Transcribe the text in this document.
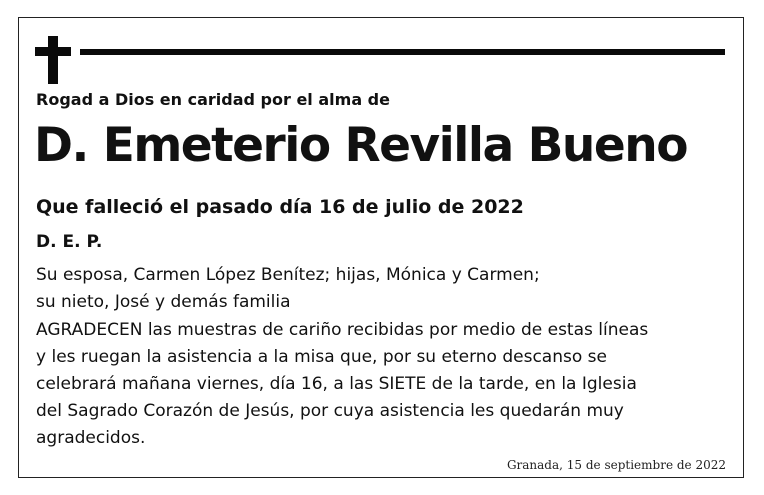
Rogad a Dios en caridad por el alma de
D. Emeterio Revilla Bueno
Que falleció el pasado día 16 de julio de 2022
D. E. P.
Su esposa, Carmen López Benítez; hijas, Mónica y Carmen;
su nieto, José y demás familia
AGRADECEN las muestras de cariño recibidas por medio de estas líneas
y les ruegan la asistencia a la misa que, por su eterno descanso se
celebrará mañana viernes, día 16, a las SIETE de la tarde, en la Iglesia
del Sagrado Corazón de Jesús, por cuya asistencia les quedarán muy
agradecidos.
Granada, 15 de septiembre de 2022
